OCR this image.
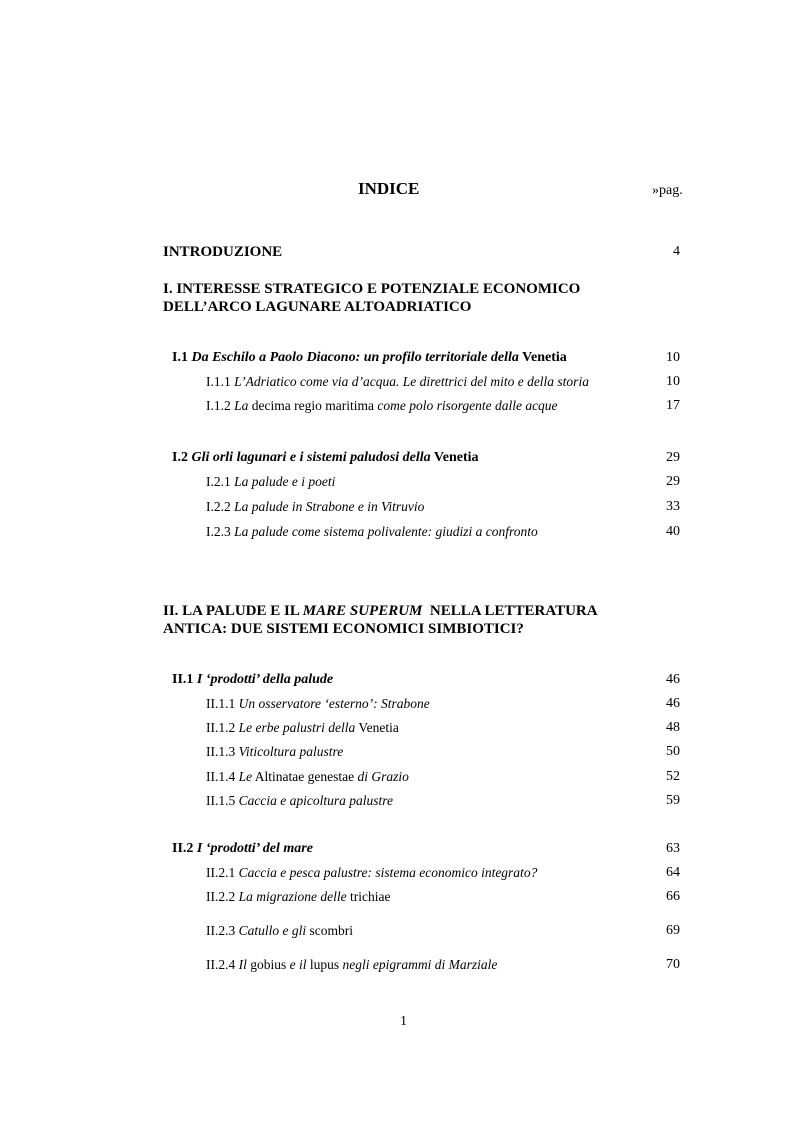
INDICE	»pag.
INTRODUZIONE	4
I. INTERESSE STRATEGICO E POTENZIALE ECONOMICO
DELL’ARCO LAGUNARE ALTOADRIATICO
I.1 Da Eschilo a Paolo Diacono: un profilo territoriale della Venetia	10
I.1.1 L’Adriatico come via d’acqua. Le direttrici del mito e della storia	10
I.1.2 La decima regio maritima come polo risorgente dalle acque	17
I.2 Gli orli lagunari e i sistemi paludosi della Venetia	29
I.2.1 La palude e i poeti	29
I.2.2 La palude in Strabone e in Vitruvio	33
I.2.3 La palude come sistema polivalente: giudizi a confronto	40
II. LA PALUDE E IL MARE SUPERUM NELLA LETTERATURA
ANTICA: DUE SISTEMI ECONOMICI SIMBIOTICI?
II.1 I ‘prodotti’ della palude	46
II.1.1 Un osservatore ‘esterno’: Strabone	46
II.1.2 Le erbe palustri della Venetia	48
II.1.3 Viticoltura palustre	50
II.1.4 Le Altinatae genestae di Grazio	52
II.1.5 Caccia e apicoltura palustre	59
II.2 I ‘prodotti’ del mare	63
II.2.1 Caccia e pesca palustre: sistema economico integrato?	64
II.2.2 La migrazione delle trichiae	66
II.2.3 Catullo e gli scombri	69
II.2.4 Il gobius e il lupus negli epigrammi di Marziale	70
1
